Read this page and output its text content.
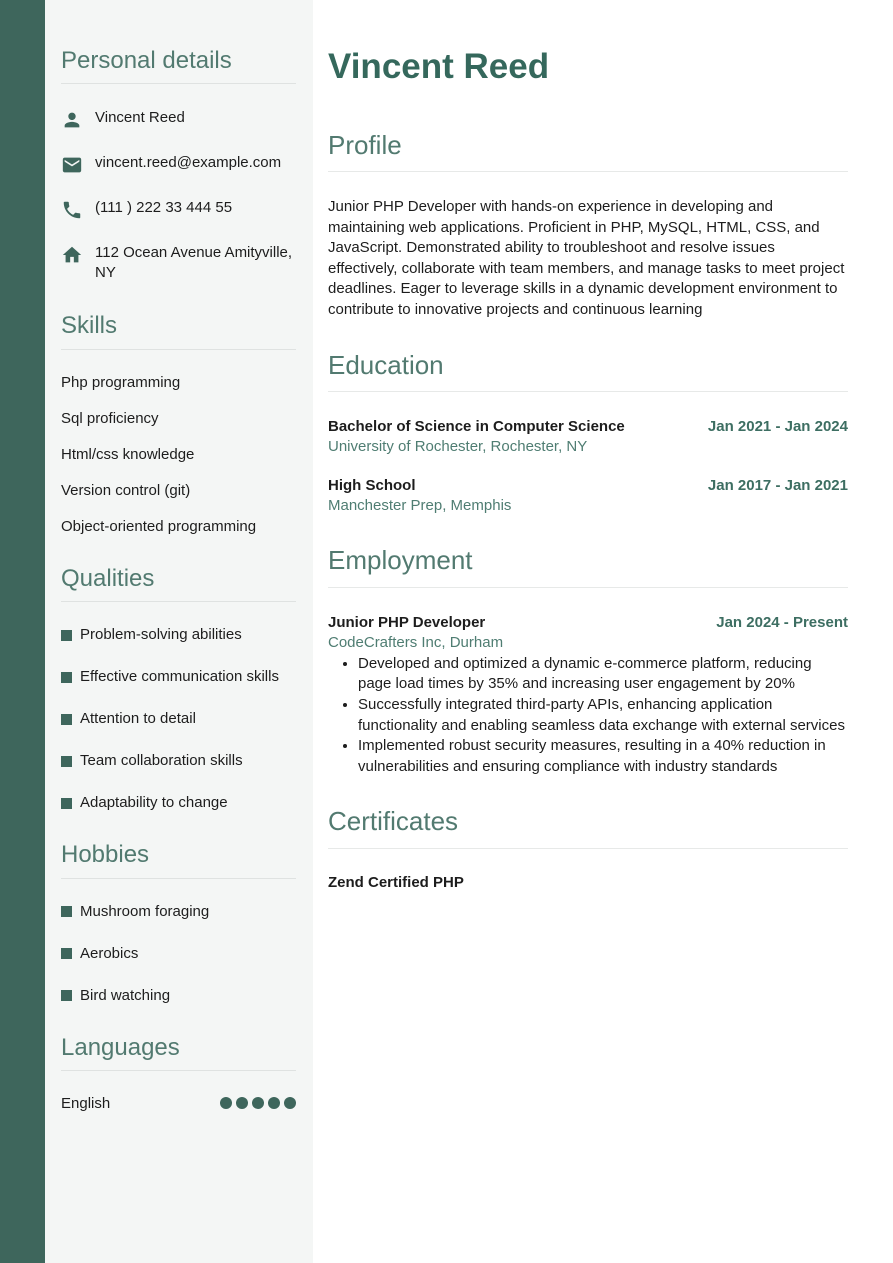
Personal details
Vincent Reed
vincent.reed@example.com
(111 ) 222 33 444 55
112 Ocean Avenue Amityville, NY
Skills
Php programming
Sql proficiency
Html/css knowledge
Version control (git)
Object-oriented programming
Qualities
Problem-solving abilities
Effective communication skills
Attention to detail
Team collaboration skills
Adaptability to change
Hobbies
Mushroom foraging
Aerobics
Bird watching
Languages
English
Vincent Reed
Profile

Junior PHP Developer with hands-on experience in developing and maintaining web applications. Proficient in PHP, MySQL, HTML, CSS, and JavaScript. Demonstrated ability to troubleshoot and resolve issues effectively, collaborate with team members, and manage tasks to meet project deadlines. Eager to leverage skills in a dynamic development environment to contribute to innovative projects and continuous learning

Education
Bachelor of Science in Computer Science	Jan 2021 - Jan 2024
University of Rochester, Rochester, NY
High School	Jan 2017 - Jan 2021
Manchester Prep, Memphis
Employment
Junior PHP Developer	Jan 2024 - Present
CodeCrafters Inc, Durham
• Developed and optimized a dynamic e-commerce platform, reducing page load times by 35% and increasing user engagement by 20%
• Successfully integrated third-party APIs, enhancing application functionality and enabling seamless data exchange with external services
• Implemented robust security measures, resulting in a 40% reduction in vulnerabilities and ensuring compliance with industry standards
Certificates
Zend Certified PHP
